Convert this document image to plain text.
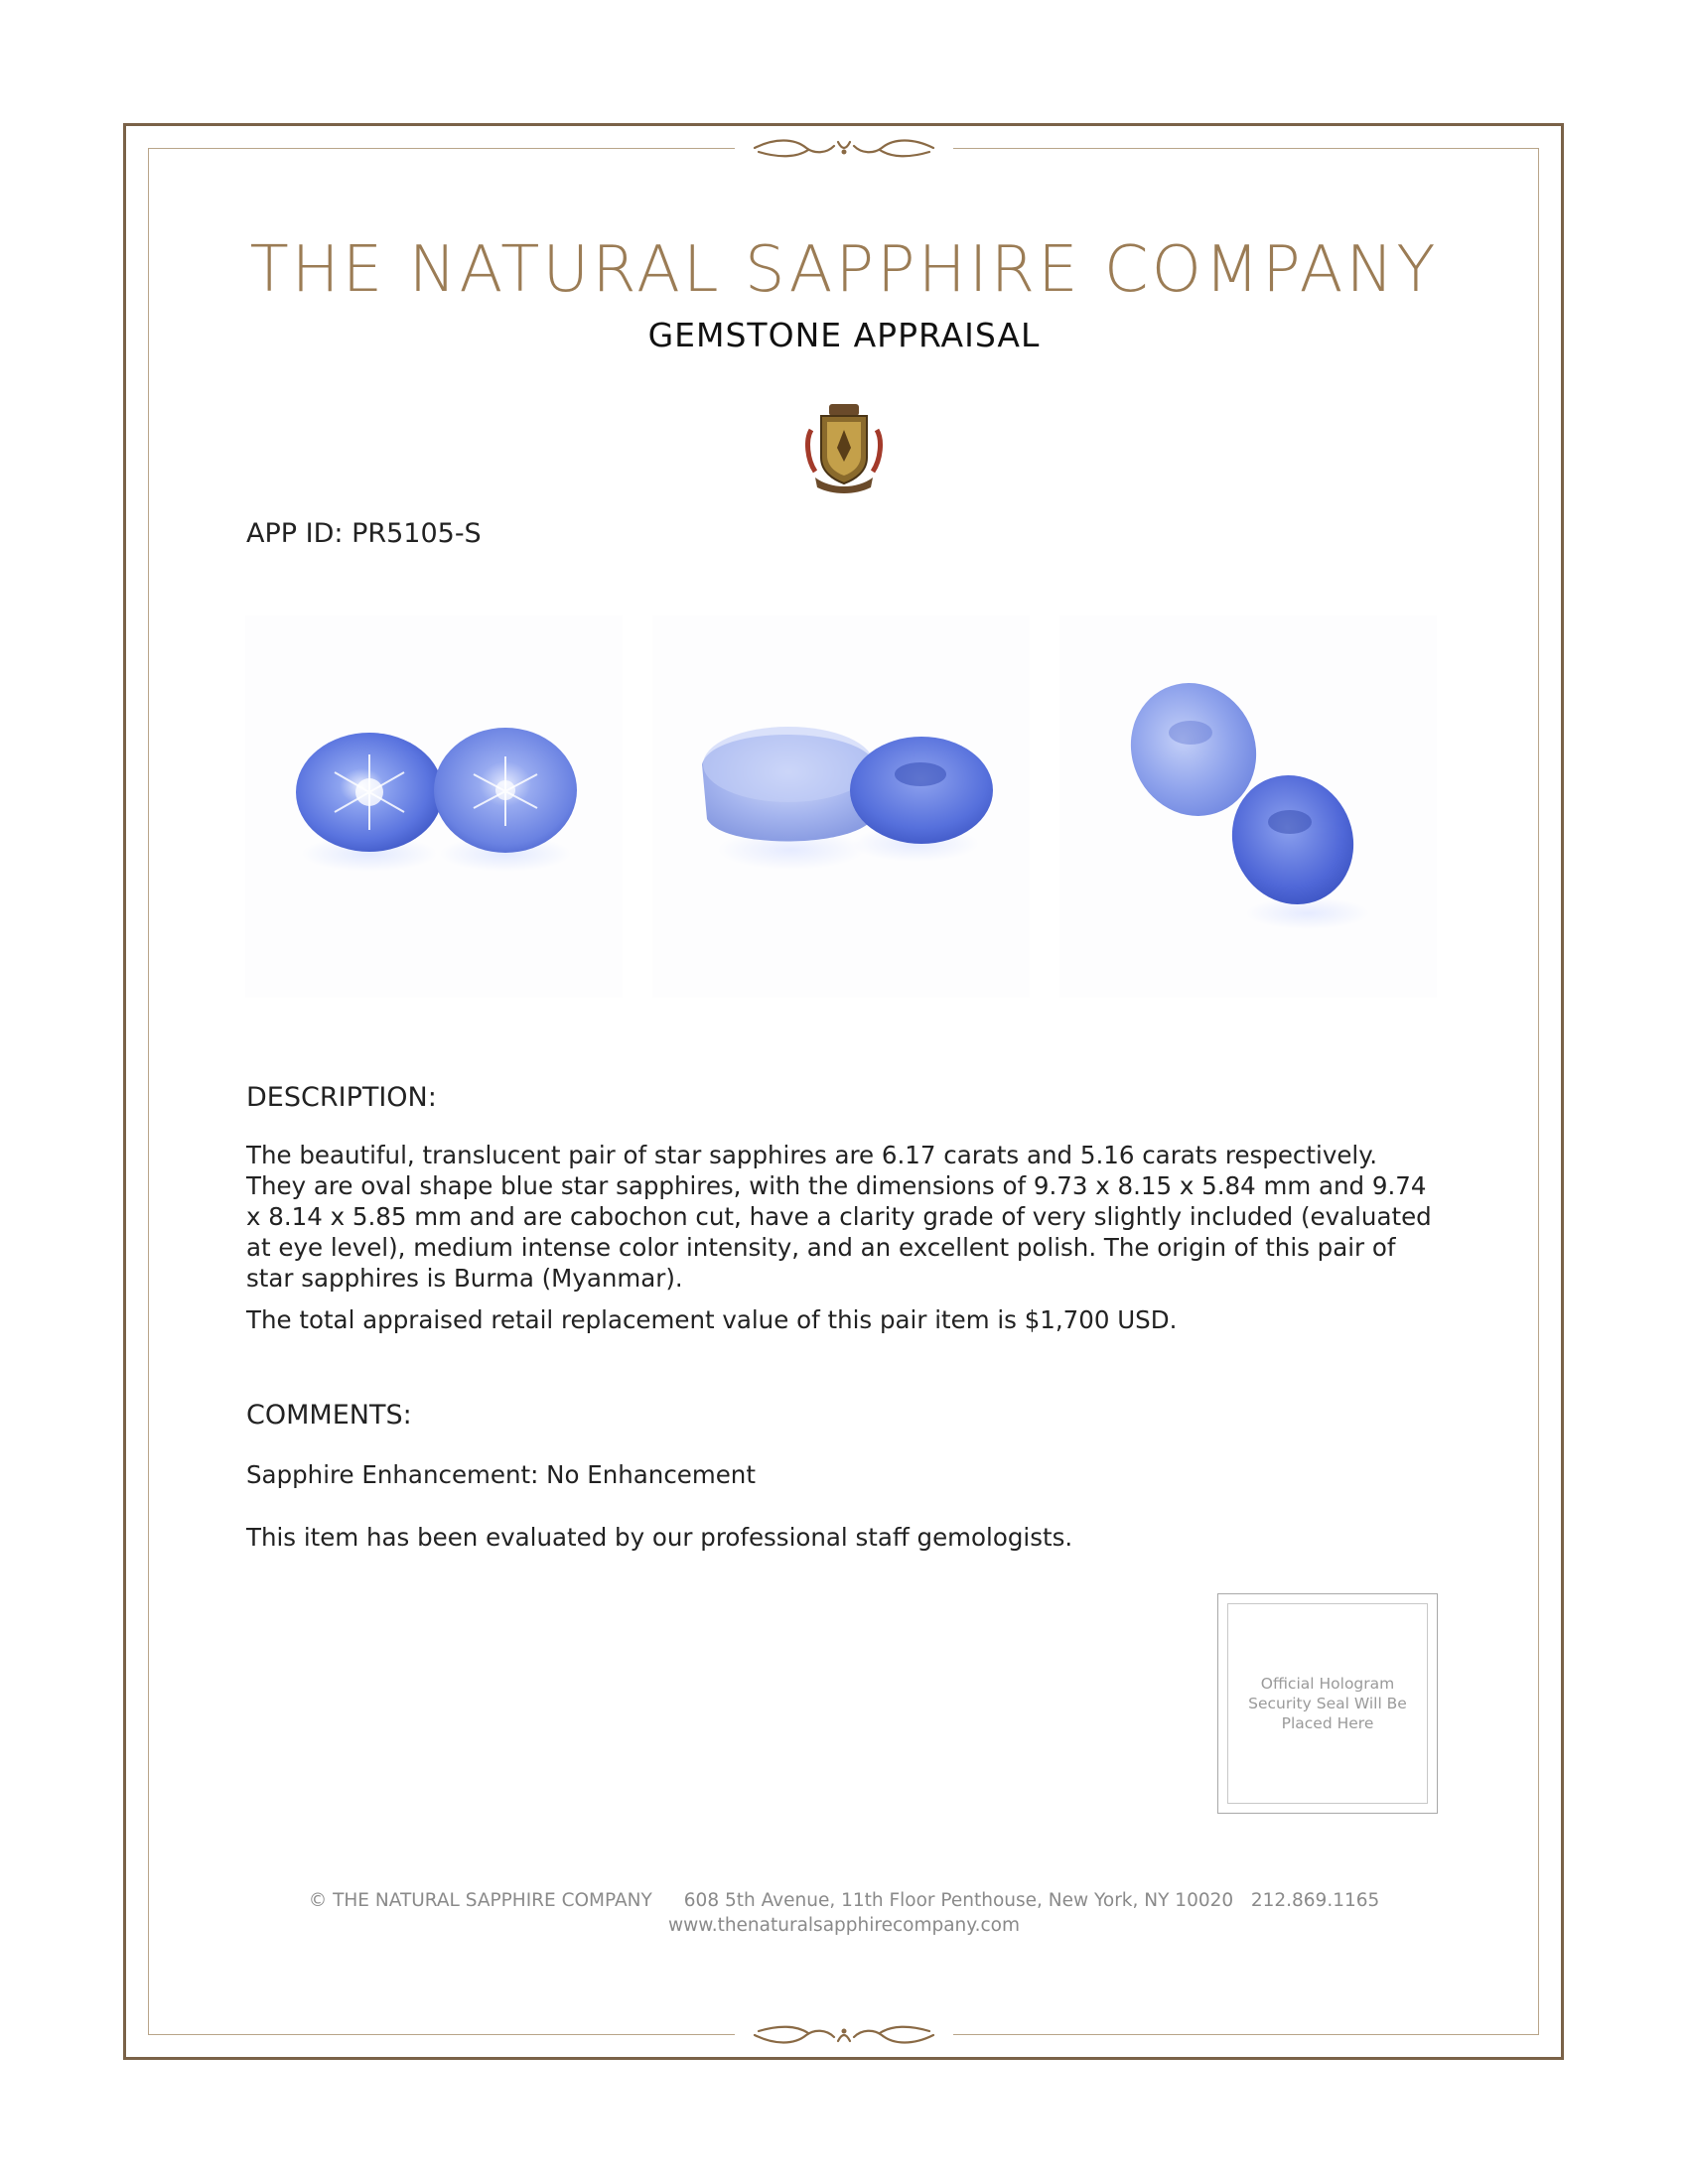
THE NATURAL SAPPHIRE COMPANY
GEMSTONE APPRAISAL
APP ID: PR5105-S
DESCRIPTION:
The beautiful, translucent pair of star sapphires are 6.17 carats and 5.16 carats respectively. They are oval shape blue star sapphires, with the dimensions of 9.73 x 8.15 x 5.84 mm and 9.74 x 8.14 x 5.85 mm and are cabochon cut, have a clarity grade of very slightly included (evaluated at eye level), medium intense color intensity, and an excellent polish. The origin of this pair of star sapphires is Burma (Myanmar).
The total appraised retail replacement value of this pair item is $1,700 USD.
COMMENTS:
Sapphire Enhancement: No Enhancement
This item has been evaluated by our professional staff gemologists.
Official Hologram Security Seal Will Be Placed Here
© THE NATURAL SAPPHIRE COMPANY 608 5th Avenue, 11th Floor Penthouse, New York, NY 10020 212.869.1165
www.thenaturalsapphirecompany.com
